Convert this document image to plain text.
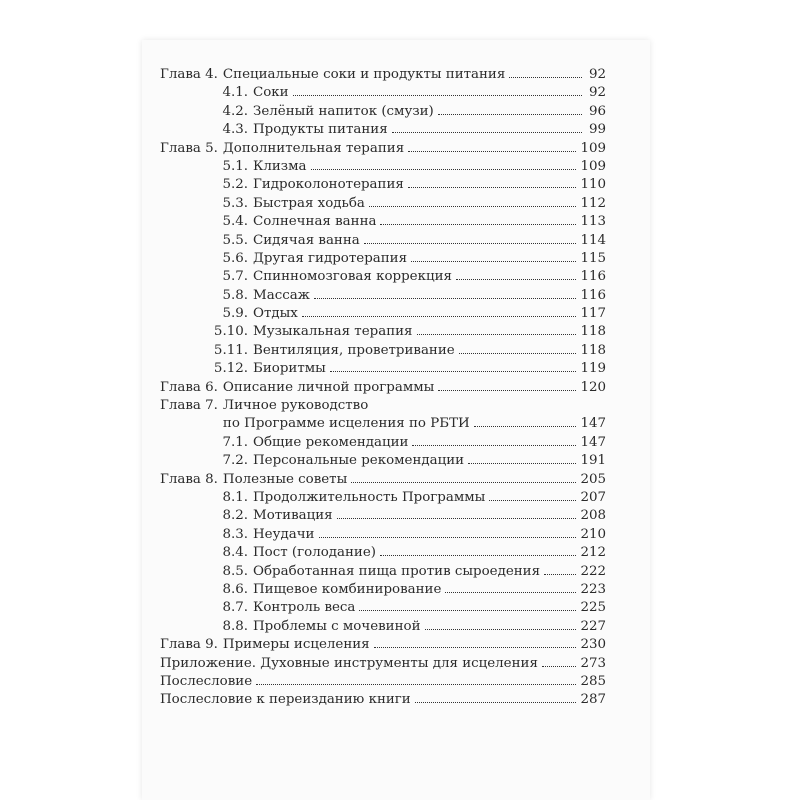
Глава 4. Специальные соки и продукты питания	92
4.1. Соки	92
4.2. Зелёный напиток (смузи)	96
4.3. Продукты питания	99
Глава 5. Дополнительная терапия	109
5.1. Клизма	109
5.2. Гидроколонотерапия	110
5.3. Быстрая ходьба	112
5.4. Солнечная ванна	113
5.5. Сидячая ванна	114
5.6. Другая гидротерапия	115
5.7. Спинномозговая коррекция	116
5.8. Массаж	116
5.9. Отдых	117
5.10. Музыкальная терапия	118
5.11. Вентиляция, проветривание	118
5.12. Биоритмы	119
Глава 6. Описание личной программы	120
Глава 7. Личное руководство
по Программе исцеления по РБТИ	147
7.1. Общие рекомендации	147
7.2. Персональные рекомендации	191
Глава 8. Полезные советы	205
8.1. Продолжительность Программы	207
8.2. Мотивация	208
8.3. Неудачи	210
8.4. Пост (голодание)	212
8.5. Обработанная пища против сыроедения	222
8.6. Пищевое комбинирование	223
8.7. Контроль веса	225
8.8. Проблемы с мочевиной	227
Глава 9. Примеры исцеления	230
Приложение. Духовные инструменты для исцеления	273
Послесловие	285
Послесловие к переизданию книги	287
